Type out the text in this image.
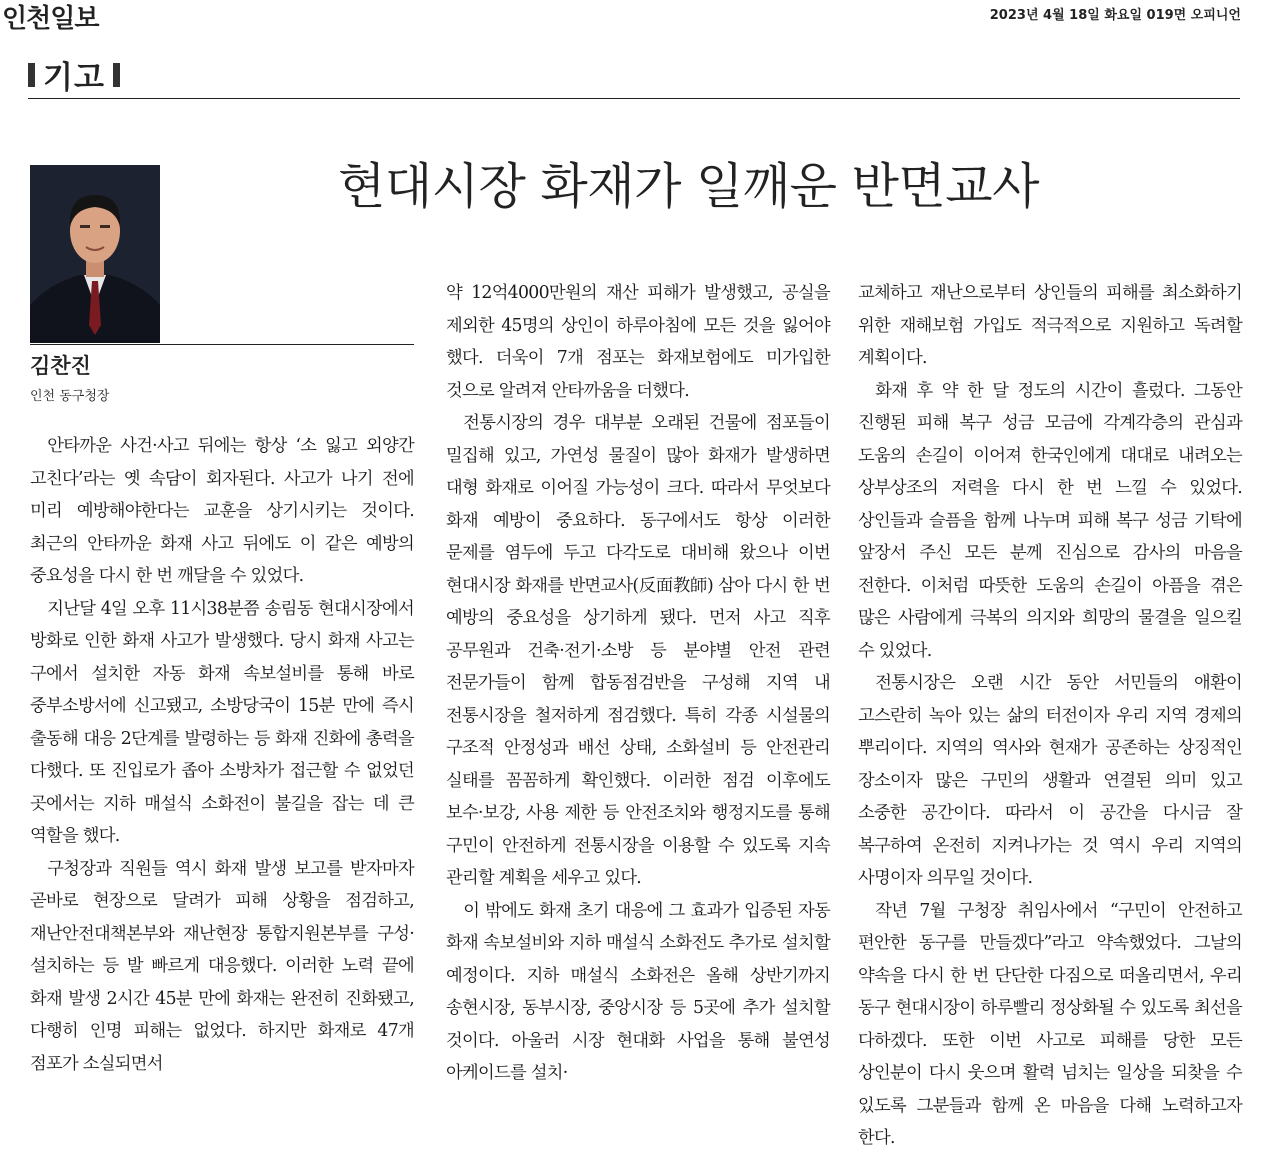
인천일보	2023년 4월 18일 화요일 019면 오피니언
기고
현대시장 화재가 일깨운 반면교사
김찬진
인천 동구청장

안타까운 사건·사고 뒤에는 항상 ‘소 잃고 외양간 고친다’라는 옛 속담이 회자된다. 사고가 나기 전에 미리 예방해야한다는 교훈을 상기시키는 것이다. 최근의 안타까운 화재 사고 뒤에도 이 같은 예방의 중요성을 다시 한 번 깨달을 수 있었다.

지난달 4일 오후 11시38분쯤 송림동 현대시장에서 방화로 인한 화재 사고가 발생했다. 당시 화재 사고는 구에서 설치한 자동 화재 속보설비를 통해 바로 중부소방서에 신고됐고, 소방당국이 15분 만에 즉시 출동해 대응 2단계를 발령하는 등 화재 진화에 총력을 다했다. 또 진입로가 좁아 소방차가 접근할 수 없었던 곳에서는 지하 매설식 소화전이 불길을 잡는 데 큰 역할을 했다.

구청장과 직원들 역시 화재 발생 보고를 받자마자 곧바로 현장으로 달려가 피해 상황을 점검하고, 재난안전대책본부와 재난현장 통합지원본부를 구성·설치하는 등 발 빠르게 대응했다. 이러한 노력 끝에 화재 발생 2시간 45분 만에 화재는 완전히 진화됐고, 다행히 인명 피해는 없었다. 하지만 화재로 47개 점포가 소실되면서

약 12억4000만원의 재산 피해가 발생했고, 공실을 제외한 45명의 상인이 하루아침에 모든 것을 잃어야 했다. 더욱이 7개 점포는 화재보험에도 미가입한 것으로 알려져 안타까움을 더했다.

전통시장의 경우 대부분 오래된 건물에 점포들이 밀집해 있고, 가연성 물질이 많아 화재가 발생하면 대형 화재로 이어질 가능성이 크다. 따라서 무엇보다 화재 예방이 중요하다. 동구에서도 항상 이러한 문제를 염두에 두고 다각도로 대비해 왔으나 이번 현대시장 화재를 반면교사(反面教師) 삼아 다시 한 번 예방의 중요성을 상기하게 됐다. 먼저 사고 직후 공무원과 건축·전기·소방 등 분야별 안전 관련 전문가들이 함께 합동점검반을 구성해 지역 내 전통시장을 철저하게 점검했다. 특히 각종 시설물의 구조적 안정성과 배선 상태, 소화설비 등 안전관리 실태를 꼼꼼하게 확인했다. 이러한 점검 이후에도 보수·보강, 사용 제한 등 안전조치와 행정지도를 통해 구민이 안전하게 전통시장을 이용할 수 있도록 지속 관리할 계획을 세우고 있다.

이 밖에도 화재 초기 대응에 그 효과가 입증된 자동 화재 속보설비와 지하 매설식 소화전도 추가로 설치할 예정이다. 지하 매설식 소화전은 올해 상반기까지 송현시장, 동부시장, 중앙시장 등 5곳에 추가 설치할 것이다. 아울러 시장 현대화 사업을 통해 불연성 아케이드를 설치·

교체하고 재난으로부터 상인들의 피해를 최소화하기 위한 재해보험 가입도 적극적으로 지원하고 독려할 계획이다.

화재 후 약 한 달 정도의 시간이 흘렀다. 그동안 진행된 피해 복구 성금 모금에 각계각층의 관심과 도움의 손길이 이어져 한국인에게 대대로 내려오는 상부상조의 저력을 다시 한 번 느낄 수 있었다. 상인들과 슬픔을 함께 나누며 피해 복구 성금 기탁에 앞장서 주신 모든 분께 진심으로 감사의 마음을 전한다. 이처럼 따뜻한 도움의 손길이 아픔을 겪은 많은 사람에게 극복의 의지와 희망의 물결을 일으킬 수 있었다.

전통시장은 오랜 시간 동안 서민들의 애환이 고스란히 녹아 있는 삶의 터전이자 우리 지역 경제의 뿌리이다. 지역의 역사와 현재가 공존하는 상징적인 장소이자 많은 구민의 생활과 연결된 의미 있고 소중한 공간이다. 따라서 이 공간을 다시금 잘 복구하여 온전히 지켜나가는 것 역시 우리 지역의 사명이자 의무일 것이다.

작년 7월 구청장 취임사에서 “구민이 안전하고 편안한 동구를 만들겠다”라고 약속했었다. 그날의 약속을 다시 한 번 단단한 다짐으로 떠올리면서, 우리 동구 현대시장이 하루빨리 정상화될 수 있도록 최선을 다하겠다. 또한 이번 사고로 피해를 당한 모든 상인분이 다시 웃으며 활력 넘치는 일상을 되찾을 수 있도록 그분들과 함께 온 마음을 다해 노력하고자 한다.
